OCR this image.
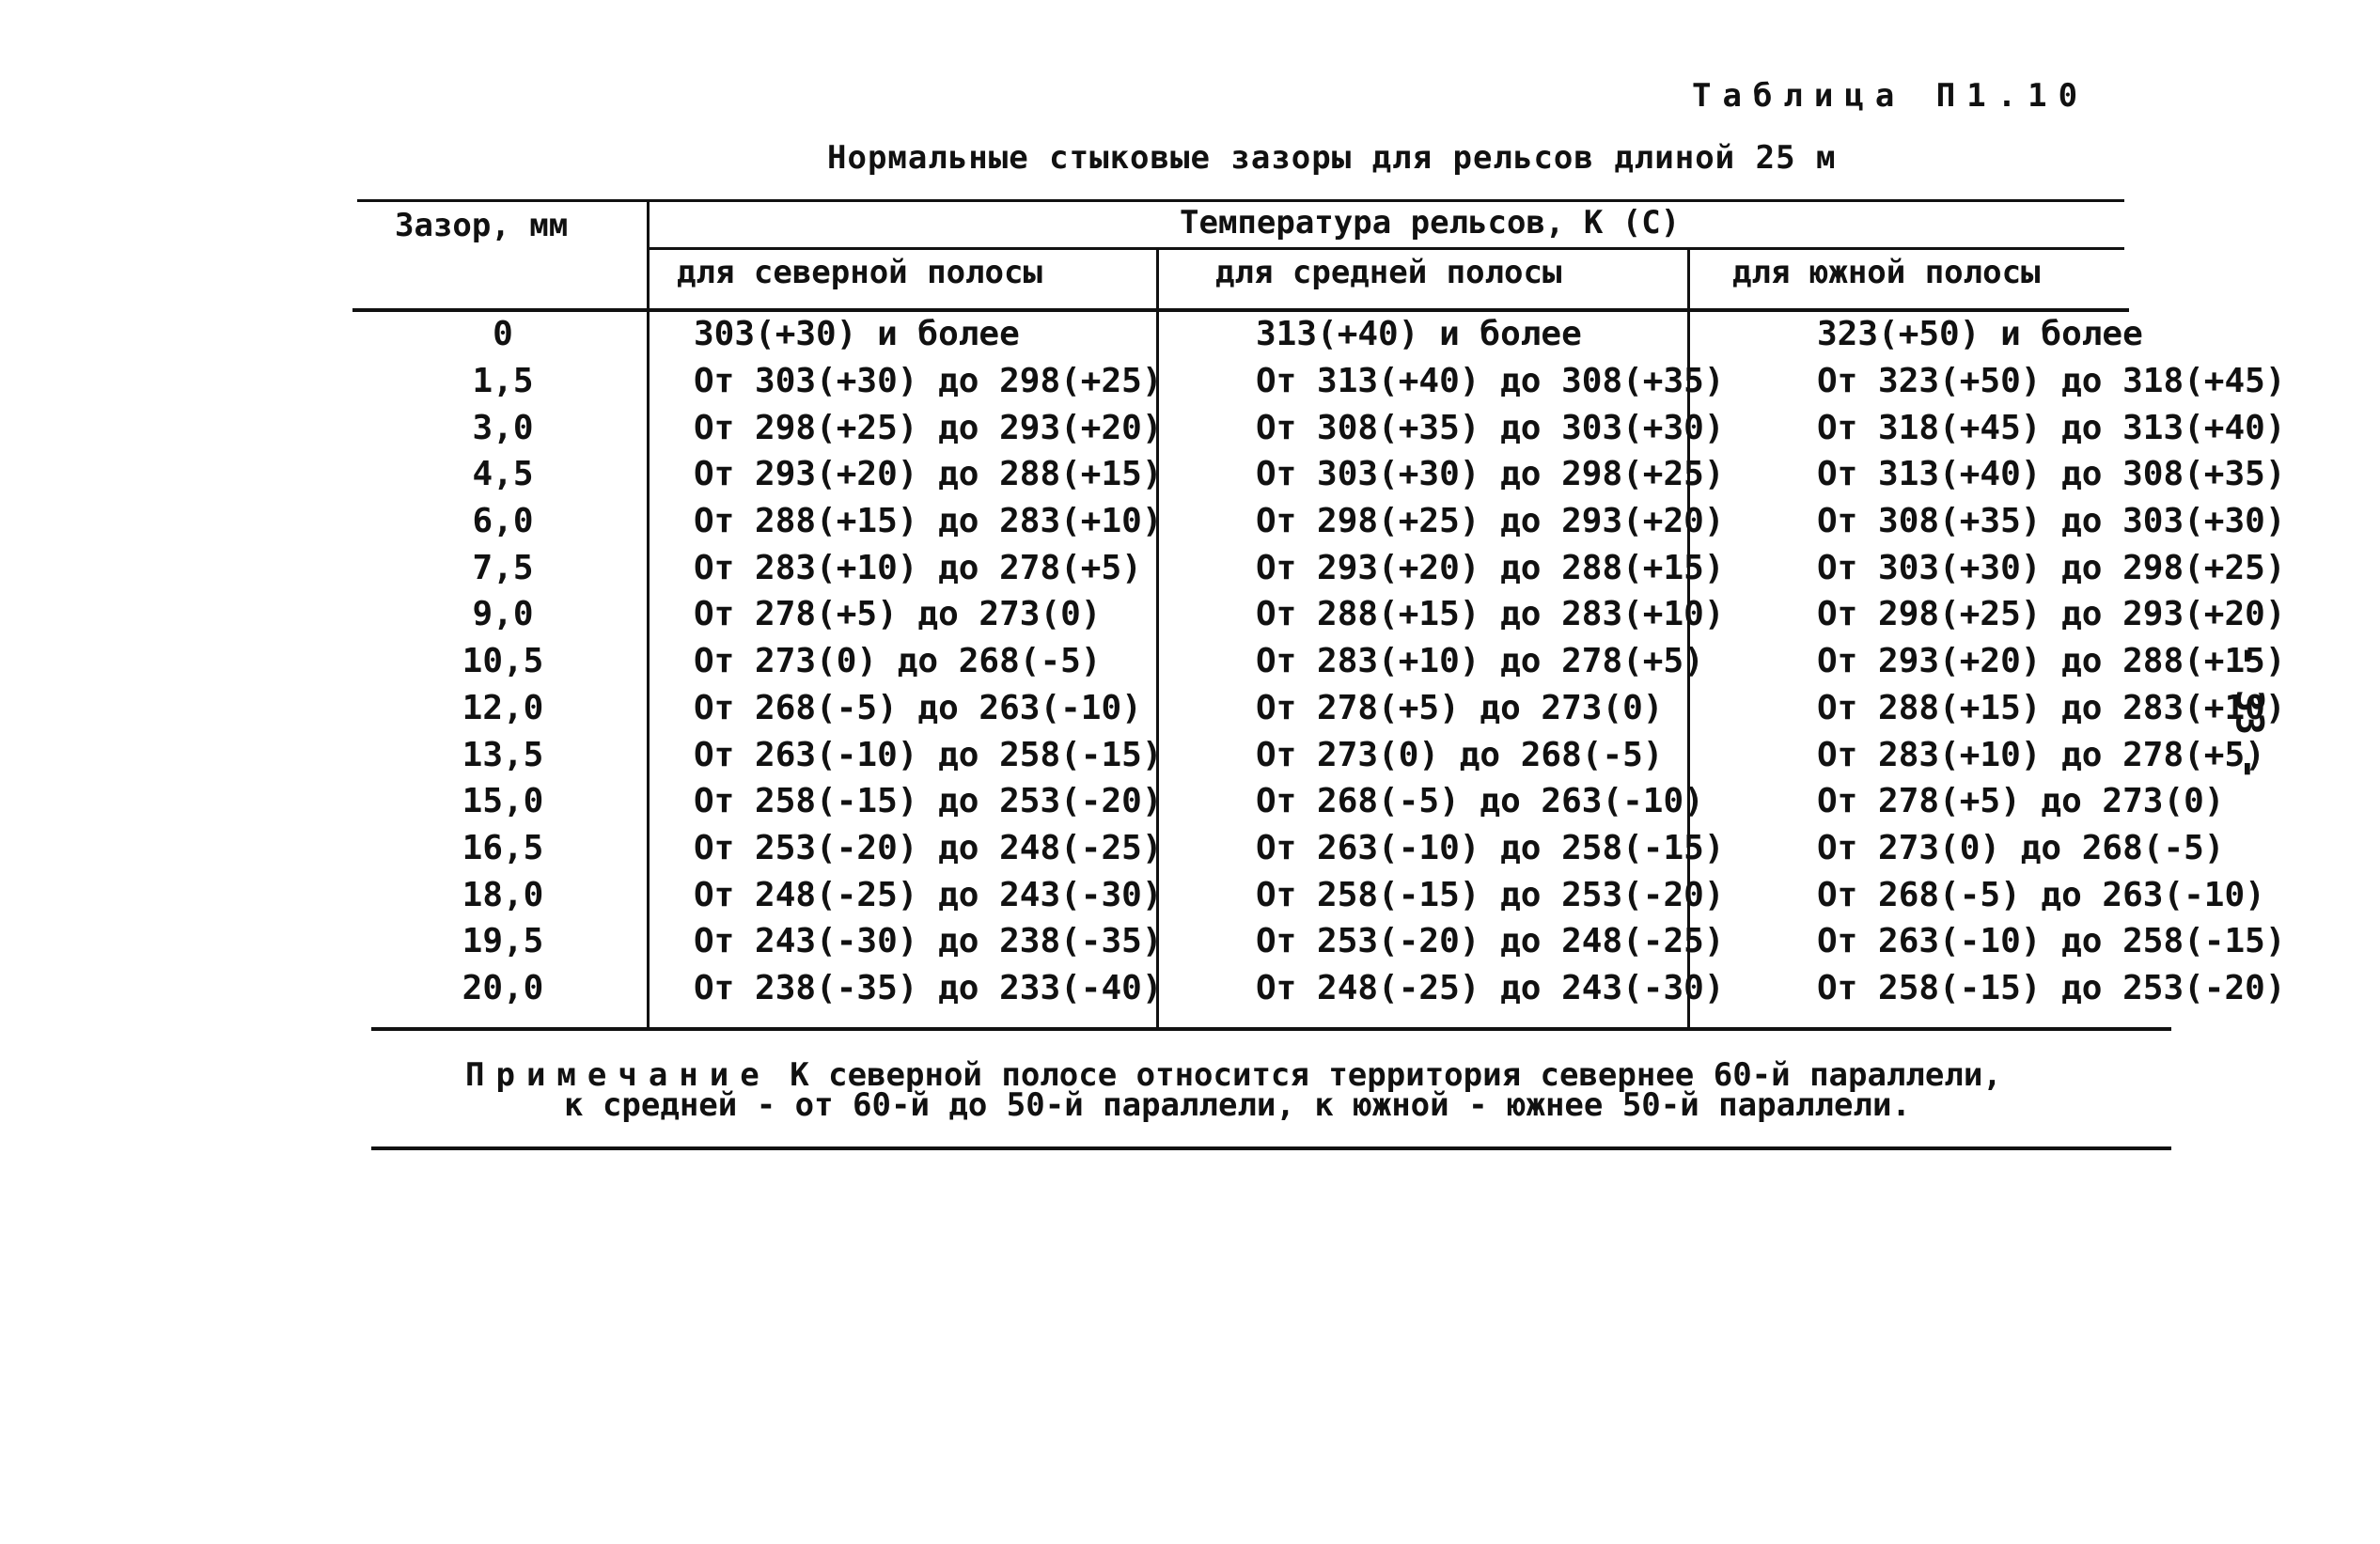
Таблица П1.10
Нормальные стыковые зазоры для рельсов длиной 25 м
Зазор, мм	Температура рельсов, К (С)
для северной полосы	для средней полосы	для южной полосы
0	303(+30) и более	313(+40) и более	323(+50) и более
1,5	От 303(+30) до 298(+25)	От 313(+40) до 308(+35)	От 323(+50) до 318(+45)
3,0	От 298(+25) до 293(+20)	От 308(+35) до 303(+30)	От 318(+45) до 313(+40)
4,5	От 293(+20) до 288(+15)	От 303(+30) до 298(+25)	От 313(+40) до 308(+35)
6,0	От 288(+15) до 283(+10)	От 298(+25) до 293(+20)	От 308(+35) до 303(+30)
7,5	От 283(+10) до 278(+5)	От 293(+20) до 288(+15)	От 303(+30) до 298(+25)
9,0	От 278(+5) до 273(0)	От 288(+15) до 283(+10)	От 298(+25) до 293(+20)
10,5	От 273(0) до 268(-5)	От 283(+10) до 278(+5)	От 293(+20) до 288(+15)
12,0	От 268(-5) до 263(-10)	От 278(+5) до 273(0)	От 288(+15) до 283(+10)
13,5	От 263(-10) до 258(-15)	От 273(0) до 268(-5)	От 283(+10) до 278(+5)
15,0	От 258(-15) до 253(-20)	От 268(-5) до 263(-10)	От 278(+5) до 273(0)
16,5	От 253(-20) до 248(-25)	От 263(-10) до 258(-15)	От 273(0) до 268(-5)
18,0	От 248(-25) до 243(-30)	От 258(-15) до 253(-20)	От 268(-5) до 263(-10)
19,5	От 243(-30) до 238(-35)	От 253(-20) до 248(-25)	От 263(-10) до 258(-15)
20,0	От 238(-35) до 233(-40)	От 248(-25) до 243(-30)	От 258(-15) до 253(-20)
Примечание К северной полосе относится территория севернее 60-й параллели,
к средней - от 60-й до 50-й параллели, к южной - южнее 50-й параллели.
- 33 -
